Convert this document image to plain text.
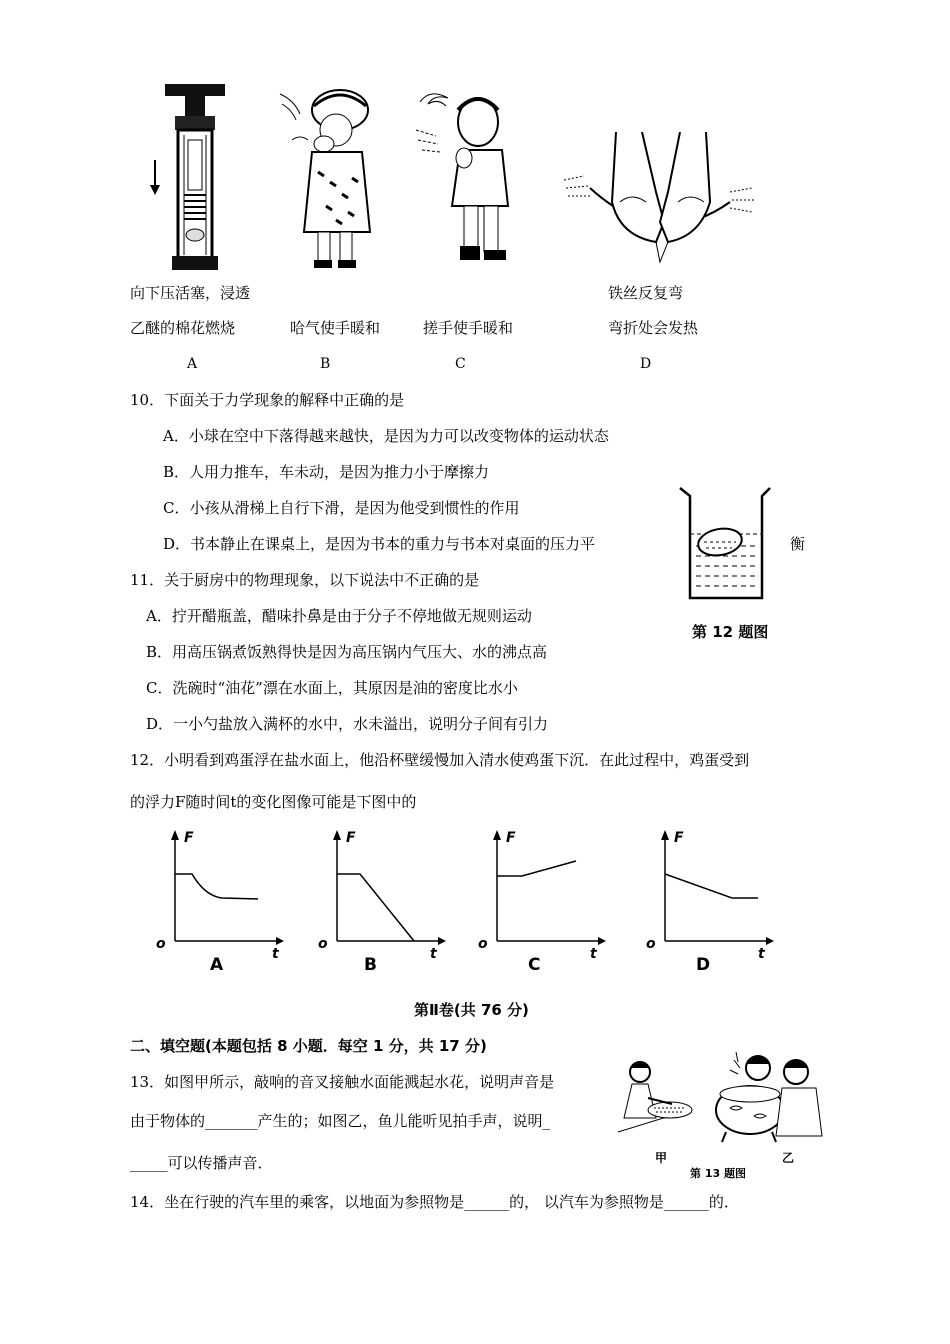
向下压活塞，浸透	铁丝反复弯
乙醚的棉花燃烧	哈气使手暖和	搓手使手暖和	弯折处会发热
A	B	C	D
10．下面关于力学现象的解释中正确的是
A．小球在空中下落得越来越快，是因为力可以改变物体的运动状态
B．人用力推车，车未动，是因为推力小于摩擦力
C．小孩从滑梯上自行下滑，是因为他受到惯性的作用
D．书本静止在课桌上，是因为书本的重力与书本对桌面的压力平	衡
第 12 题图
11．关于厨房中的物理现象，以下说法中不正确的是
A．拧开醋瓶盖，醋味扑鼻是由于分子不停地做无规则运动
B．用高压锅煮饭熟得快是因为高压锅内气压大、水的沸点高
C．洗碗时“油花”漂在水面上，其原因是油的密度比水小
D．一小勺盐放入满杯的水中，水未溢出，说明分子间有引力
12．小明看到鸡蛋浮在盐水面上，他沿杯壁缓慢加入清水使鸡蛋下沉．在此过程中，鸡蛋受到
的浮力F随时间t的变化图像可能是下图中的
F
o
t
A
F
o
t
B
F
o
t
C
F
o
t
D
第Ⅱ卷(共 76 分)
二、填空题(本题包括 8 小题．每空 1 分，共 17 分)
13．如图甲所示，敲响的音叉接触水面能溅起水花，说明声音是
由于物体的_______产生的；如图乙，鱼儿能听见拍手声，说明_
_____可以传播声音．	甲
第 13 题图
乙
14．坐在行驶的汽车里的乘客，以地面为参照物是______的， 以汽车为参照物是______的．
